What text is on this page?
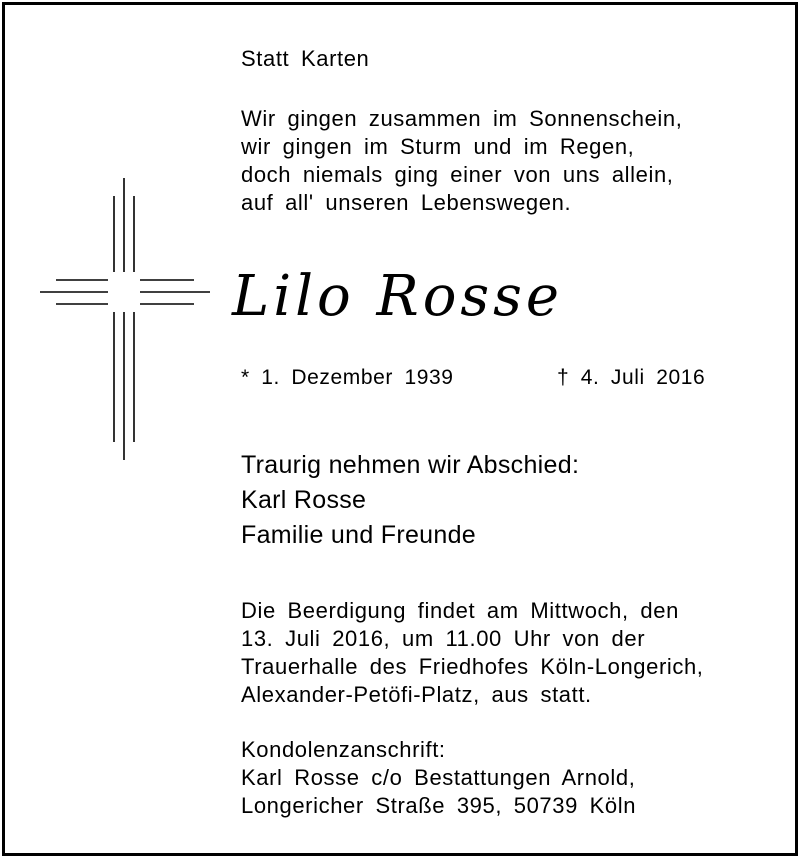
Statt Karten
Wir gingen zusammen im Sonnenschein,
wir gingen im Sturm und im Regen,
doch niemals ging einer von uns allein,
auf all' unseren Lebenswegen.
Lilo Rosse
* 1. Dezember 1939	† 4. Juli 2016
Traurig nehmen wir Abschied:
Karl Rosse
Familie und Freunde
Die Beerdigung findet am Mittwoch, den
13. Juli 2016, um 11.00 Uhr von der
Trauerhalle des Friedhofes Köln-Longerich,
Alexander-Petöfi-Platz, aus statt.
Kondolenzanschrift:
Karl Rosse c/o Bestattungen Arnold,
Longericher Straße 395, 50739 Köln
